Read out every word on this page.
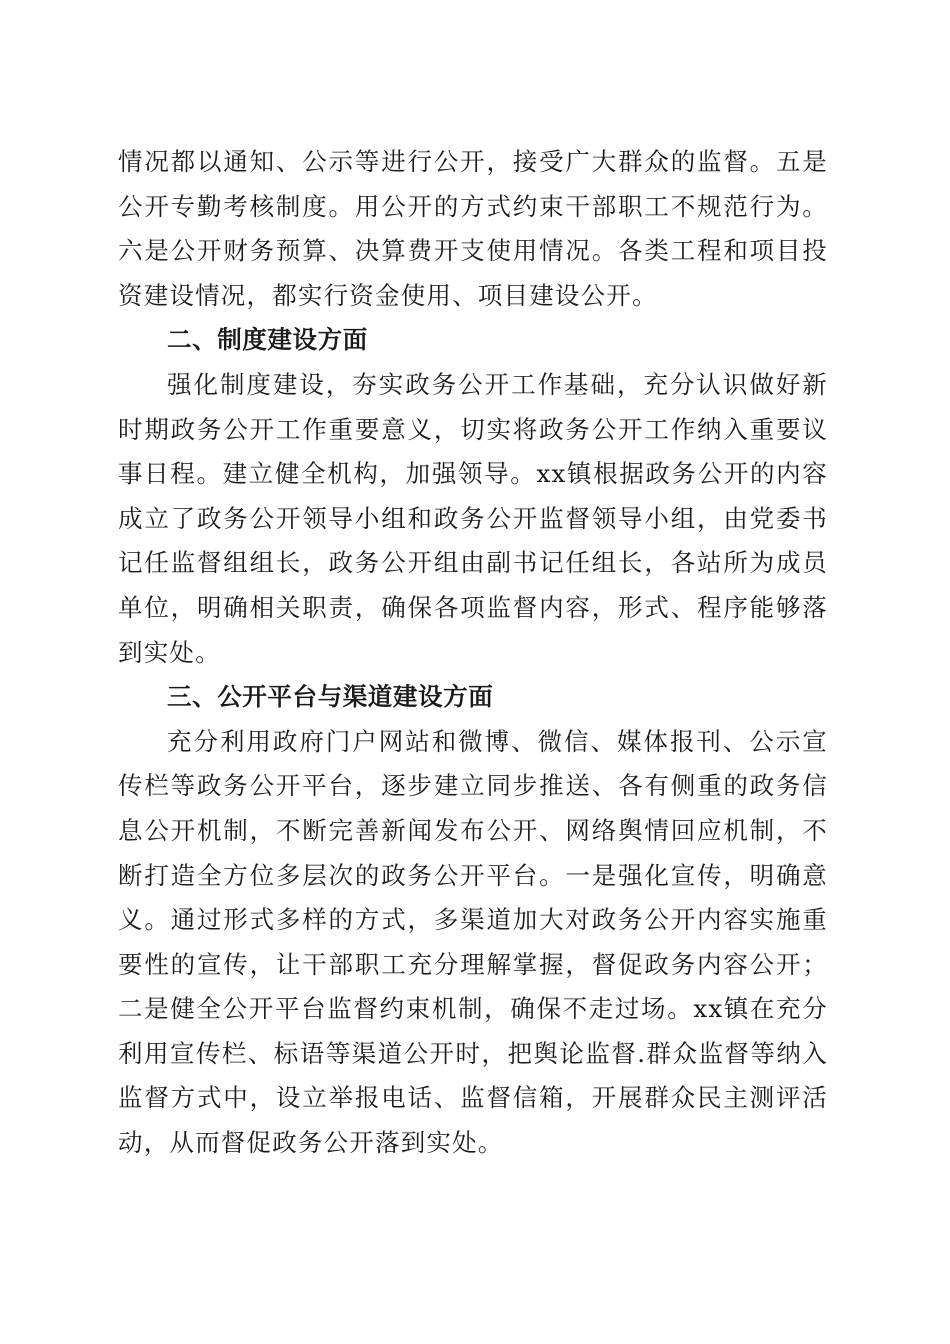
情况都以通知、公示等进行公开，接受广大群众的监督。五是公开专勤考核制度。用公开的方式约束干部职工不规范行为。六是公开财务预算、决算费开支使用情况。各类工程和项目投资建设情况，都实行资金使用、项目建设公开。

二、制度建设方面

强化制度建设，夯实政务公开工作基础，充分认识做好新时期政务公开工作重要意义，切实将政务公开工作纳入重要议事日程。建立健全机构，加强领导。xx镇根据政务公开的内容成立了政务公开领导小组和政务公开监督领导小组，由党委书记任监督组组长，政务公开组由副书记任组长，各站所为成员单位，明确相关职责，确保各项监督内容，形式、程序能够落到实处。

三、公开平台与渠道建设方面

充分利用政府门户网站和微博、微信、媒体报刊、公示宣传栏等政务公开平台，逐步建立同步推送、各有侧重的政务信息公开机制，不断完善新闻发布公开、网络舆情回应机制，不断打造全方位多层次的政务公开平台。一是强化宣传，明确意义。通过形式多样的方式，多渠道加大对政务公开内容实施重要性的宣传，让干部职工充分理解掌握，督促政务内容公开；二是健全公开平台监督约束机制，确保不走过场。xx镇在充分利用宣传栏、标语等渠道公开时，把舆论监督.群众监督等纳入监督方式中，设立举报电话、监督信箱，开展群众民主测评活动，从而督促政务公开落到实处。
